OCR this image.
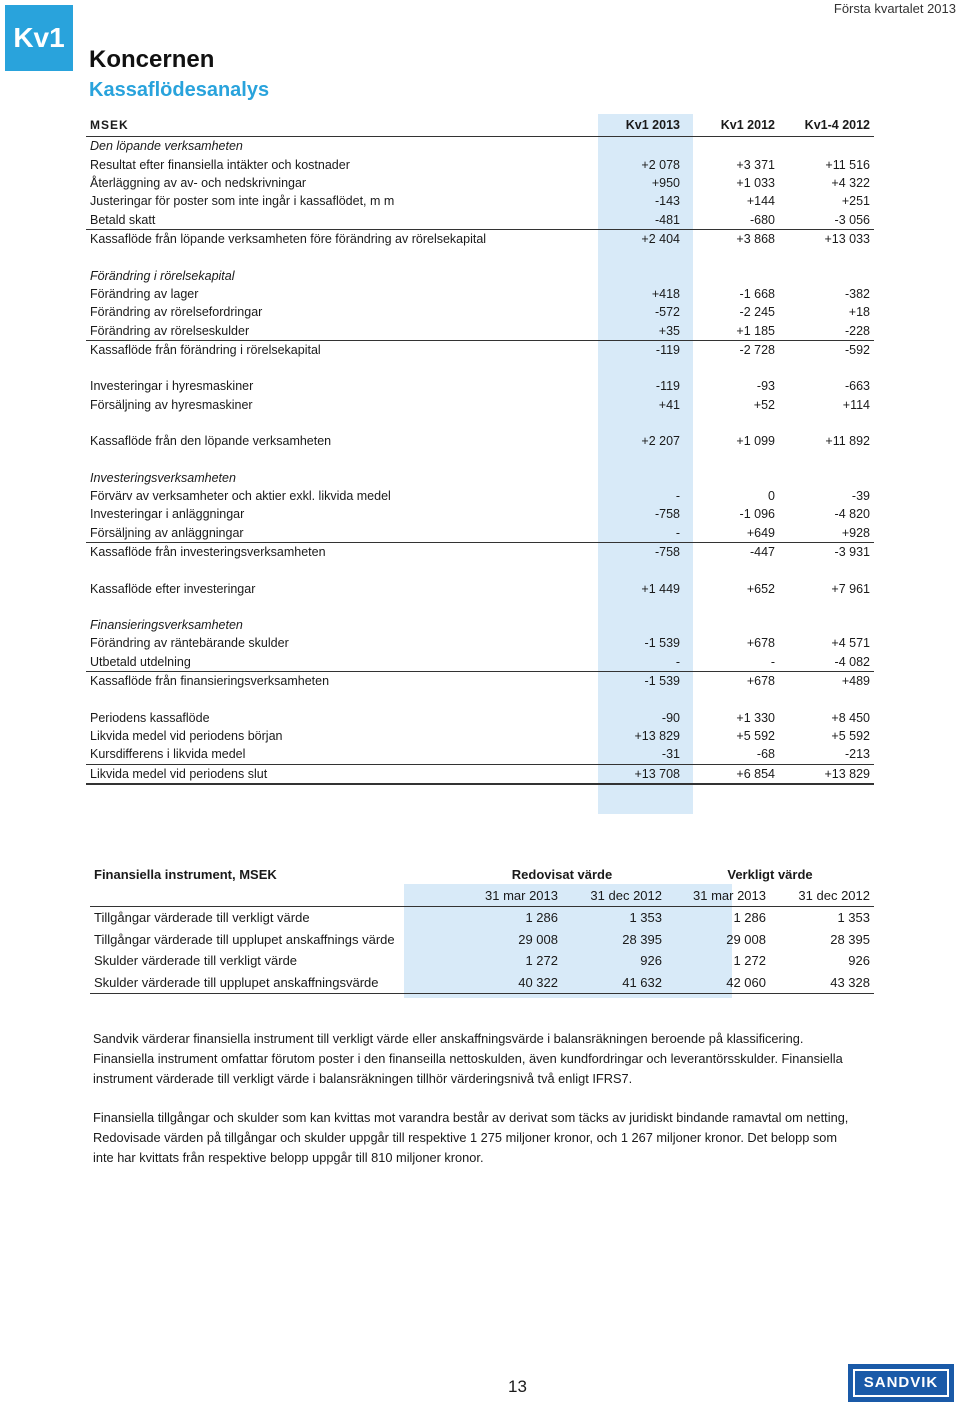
Kv1
Första kvartalet 2013
Koncernen
Kassaflödesanalys
MSEK	Kv1 2013	Kv1 2012	Kv1-4 2012
Den löpande verksamheten			
Resultat efter finansiella intäkter och kostnader	+2 078	+3 371	+11 516
Återläggning av av- och nedskrivningar	+950	+1 033	+4 322
Justeringar för poster som inte ingår i kassaflödet, m m	-143	+144	+251
Betald skatt	-481	-680	-3 056
Kassaflöde från löpande verksamheten före förändring av rörelsekapital	+2 404	+3 868	+13 033

Förändring i rörelsekapital			
Förändring av lager	+418	-1 668	-382
Förändring av rörelsefordringar	-572	-2 245	+18
Förändring av rörelseskulder	+35	+1 185	-228
Kassaflöde från förändring i rörelsekapital	-119	-2 728	-592

Investeringar i hyresmaskiner	-119	-93	-663
Försäljning av hyresmaskiner	+41	+52	+114

Kassaflöde från den löpande verksamheten	+2 207	+1 099	+11 892

Investeringsverksamheten			
Förvärv av verksamheter och aktier exkl. likvida medel	-	0	-39
Investeringar i anläggningar	-758	-1 096	-4 820
Försäljning av anläggningar	-	+649	+928
Kassaflöde från investeringsverksamheten	-758	-447	-3 931

Kassaflöde efter investeringar	+1 449	+652	+7 961

Finansieringsverksamheten			
Förändring av räntebärande skulder	-1 539	+678	+4 571
Utbetald utdelning	-	-	-4 082
Kassaflöde från finansieringsverksamheten	-1 539	+678	+489

Periodens kassaflöde	-90	+1 330	+8 450
Likvida medel vid periodens början	+13 829	+5 592	+5 592
Kursdifferens i likvida medel	-31	-68	-213
Likvida medel vid periodens slut	+13 708	+6 854	+13 829
Finansiella instrument, MSEK	Redovisat värde		Verkligt värde	
	31 mar 2013	31 dec 2012	31 mar 2013	31 dec 2012
Tillgångar värderade till verkligt värde	1 286	1 353	1 286	1 353
Tillgångar värderade till upplupet anskaffnings värde	29 008	28 395	29 008	28 395
Skulder värderade till verkligt värde	1 272	926	1 272	926
Skulder värderade till upplupet anskaffningsvärde	40 322	41 632	42 060	43 328
Sandvik värderar finansiella instrument till verkligt värde eller anskaffningsvärde i balansräkningen beroende på klassificering. Finansiella instrument omfattar förutom poster i den finanseilla nettoskulden, även kundfordringar och leverantörsskulder. Finansiella instrument värderade till verkligt värde i balansräkningen tillhör värderingsnivå två enligt IFRS7.
Finansiella tillgångar och skulder som kan kvittas mot varandra består av derivat som täcks av juridiskt bindande ramavtal om netting, Redovisade värden på tillgångar och skulder uppgår till respektive 1 275 miljoner kronor, och 1 267 miljoner kronor. Det belopp som inte har kvittats från respektive belopp uppgår till 810 miljoner kronor.
13	SANDVIK
